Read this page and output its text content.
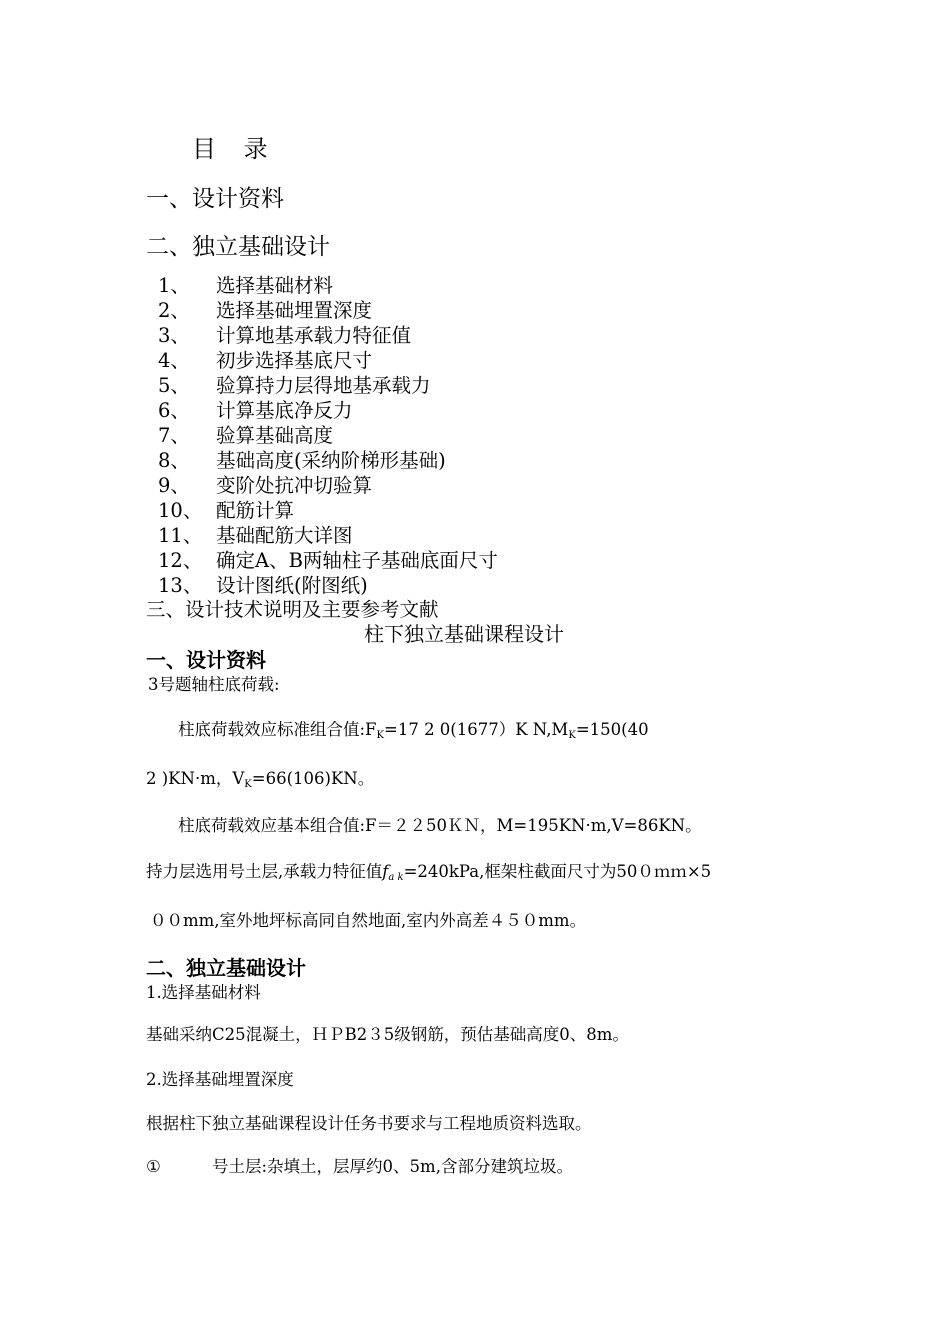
目 录
一、设计资料
二、独立基础设计
1、 选择基础材料
2、 选择基础埋置深度
3、 计算地基承载力特征值
4、 初步选择基底尺寸
5、 验算持力层得地基承载力
6、 计算基底净反力
7、 验算基础高度
8、 基础高度(采纳阶梯形基础)
9、 变阶处抗冲切验算
10、 配筋计算
11、 基础配筋大详图
12、 确定A、B两轴柱子基础底面尺寸
13、 设计图纸(附图纸)
三、设计技术说明及主要参考文献
柱下独立基础课程设计
一、设计资料
3号题轴柱底荷载:
柱底荷载效应标准组合值$:F_K=17$ 2 0(1677）K $N,M_K=150(40$
2 )KN·m，$V_K=66(106)KN$。
柱底荷载效应基本组合值:F＝２２50ＫＮ，M=195KN·m,V=86KN。
持力层选用号土层,承载力特征值$f_{a k}=240kPa$,框架柱截面尺寸为50０ｍｍ×5
００mm,室外地坪标高同自然地面,室内外高差４５０mm。
二、独立基础设计
1.选择基础材料
基础采纳C25混凝土，ＨＰB2３5级钢筋，预估基础高度0、8m。
2.选择基础埋置深度
根据柱下独立基础课程设计任务书要求与工程地质资料选取。
①	号土层:杂填土，层厚约0、5m,含部分建筑垃圾。
